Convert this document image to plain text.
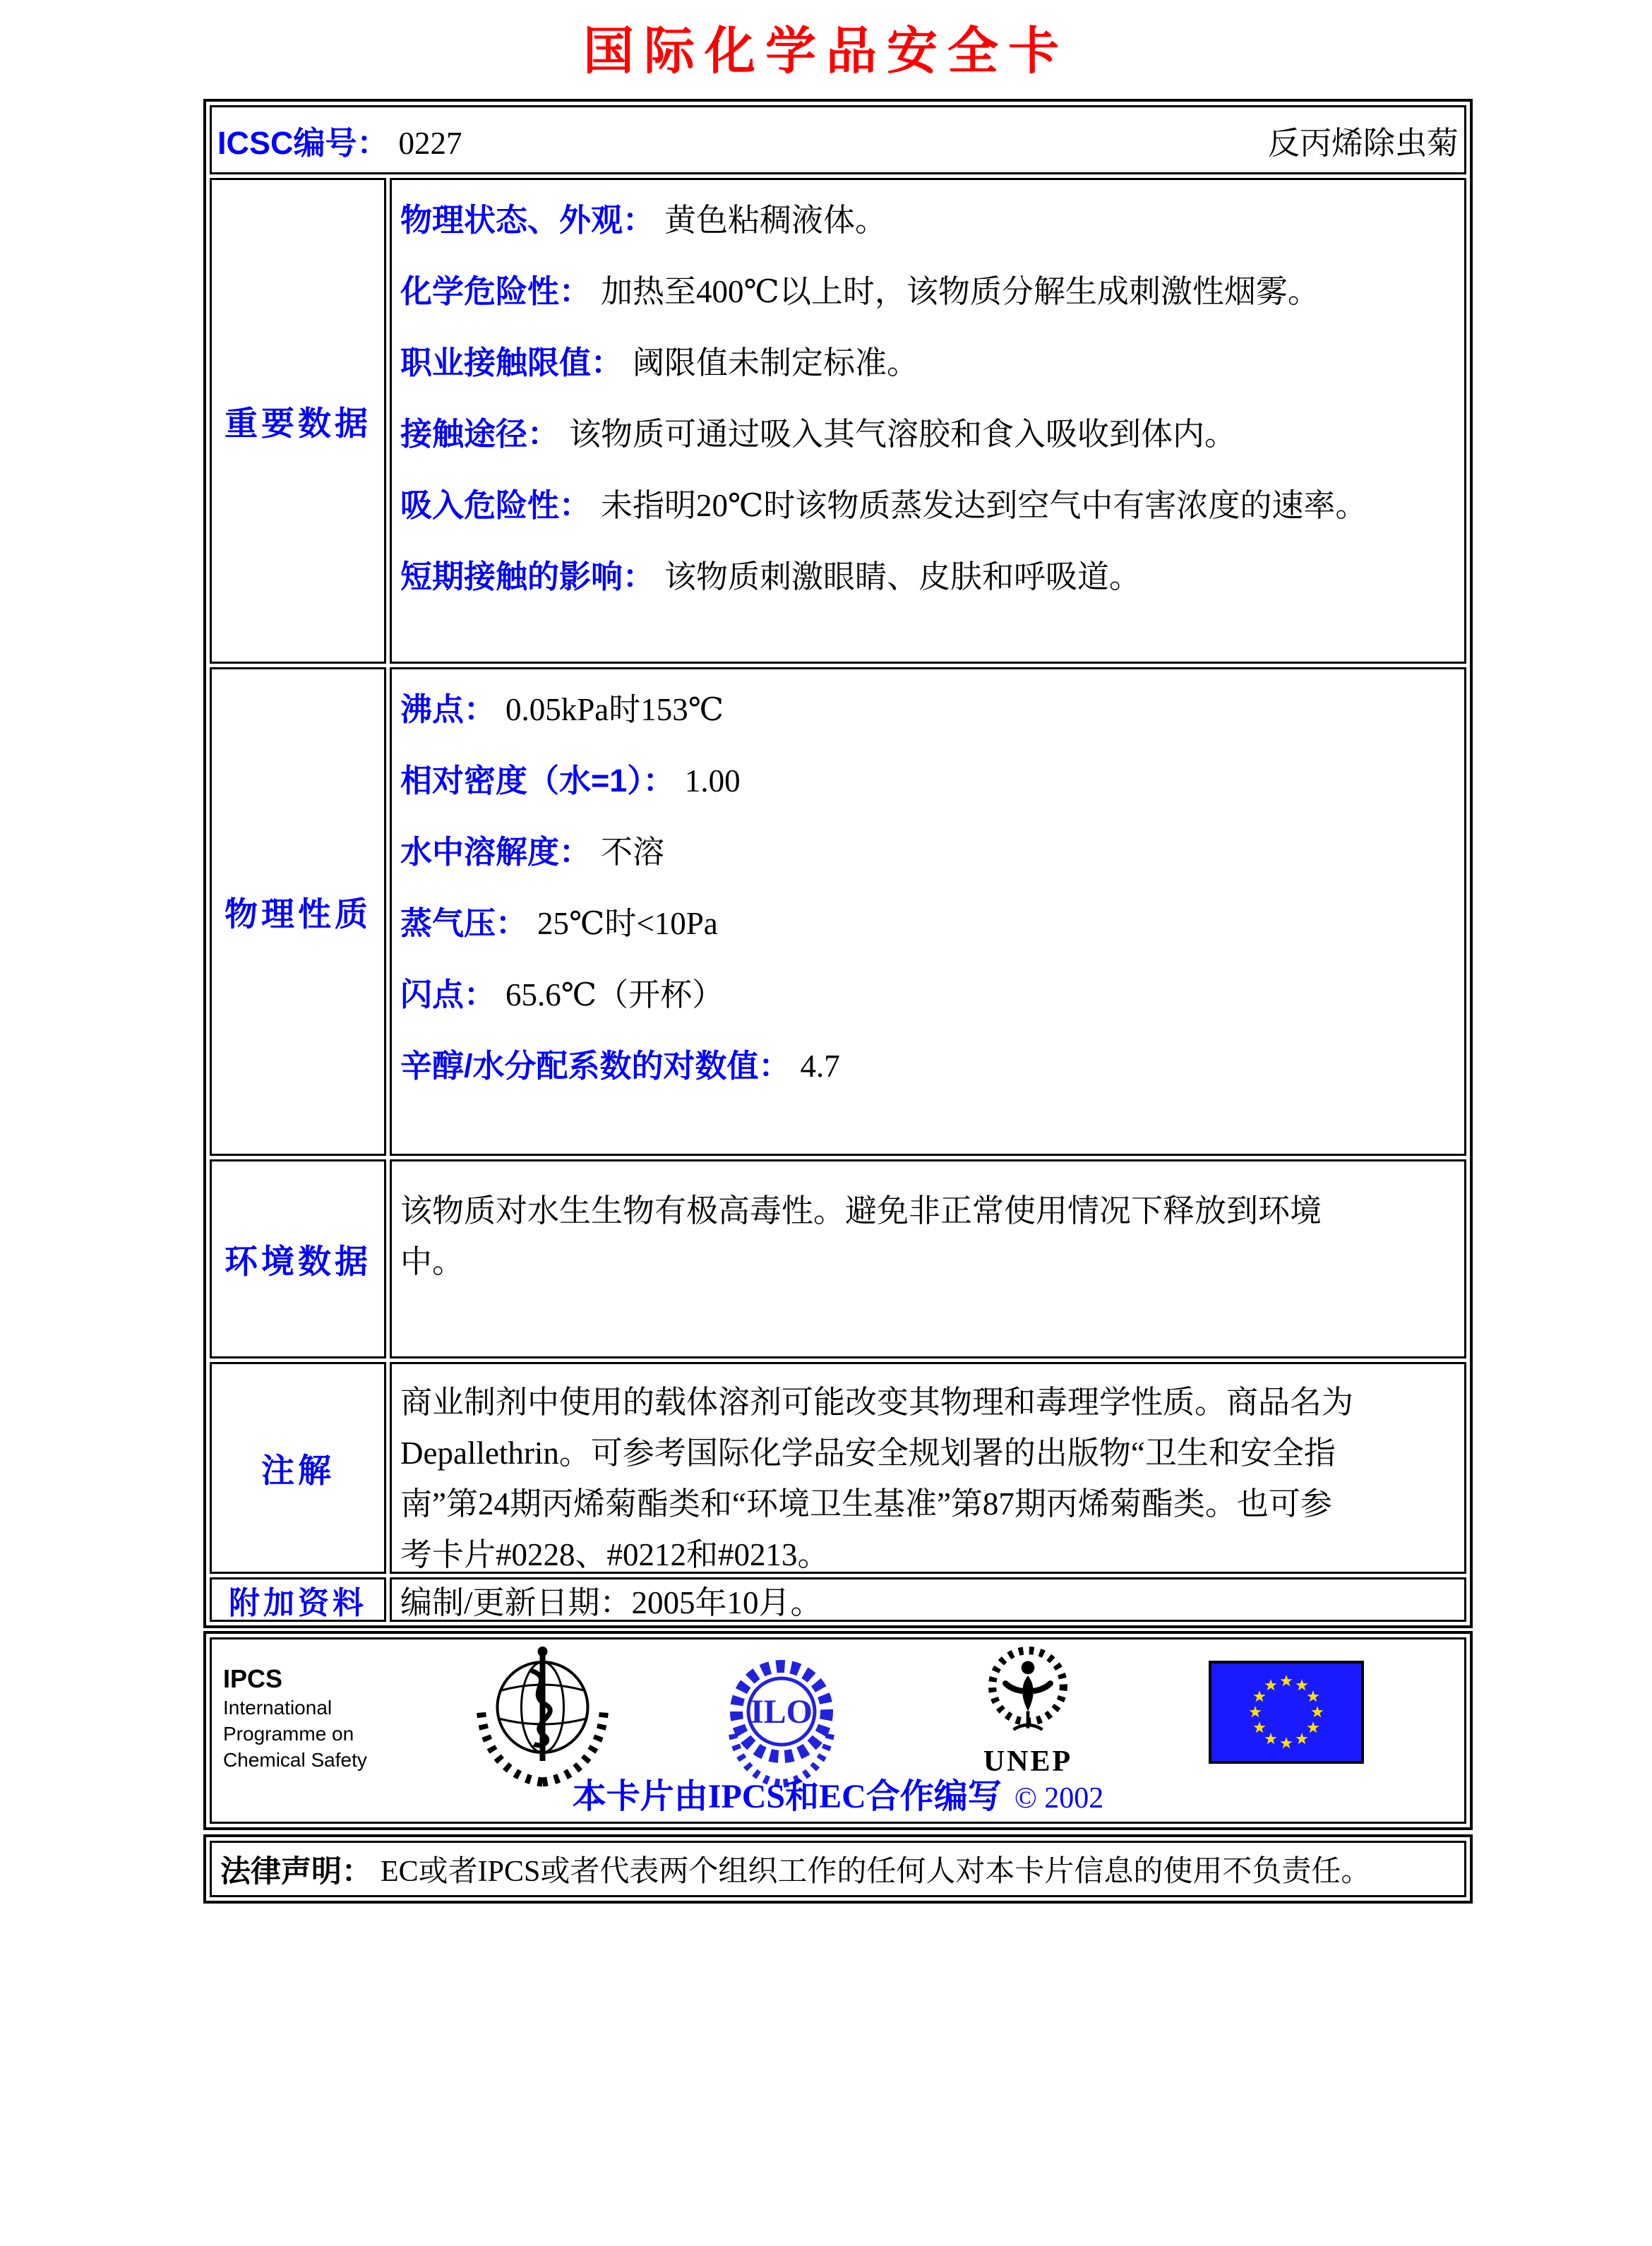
国际化学品安全卡
ICSC编号： 0227	反丙烯除虫菊
重要数据
物理状态、外观： 黄色粘稠液体。
化学危险性： 加热至400℃以上时，该物质分解生成刺激性烟雾。
职业接触限值： 阈限值未制定标准。
接触途径： 该物质可通过吸入其气溶胶和食入吸收到体内。
吸入危险性： 未指明20℃时该物质蒸发达到空气中有害浓度的速率。
短期接触的影响： 该物质刺激眼睛、皮肤和呼吸道。
物理性质
沸点： 0.05kPa时153℃
相对密度（水=1）： 1.00
水中溶解度： 不溶
蒸气压： 25℃时<10Pa
闪点： 65.6℃（开杯）
辛醇/水分配系数的对数值： 4.7
环境数据
该物质对水生生物有极高毒性。避免非正常使用情况下释放到环境
中。
注解
商业制剂中使用的载体溶剂可能改变其物理和毒理学性质。商品名为
Depallethrin。可参考国际化学品安全规划署的出版物“卫生和安全指
南”第24期丙烯菊酯类和“环境卫生基准”第87期丙烯菊酯类。也可参
考卡片#0228、#0212和#0213。
附加资料 编制/更新日期：2005年10月。
IPCS
International
Programme on
Chemical Safety
ILO
UNEP
本卡片由IPCS和EC合作编写 © 2002
法律声明： EC或者IPCS或者代表两个组织工作的任何人对本卡片信息的使用不负责任。
